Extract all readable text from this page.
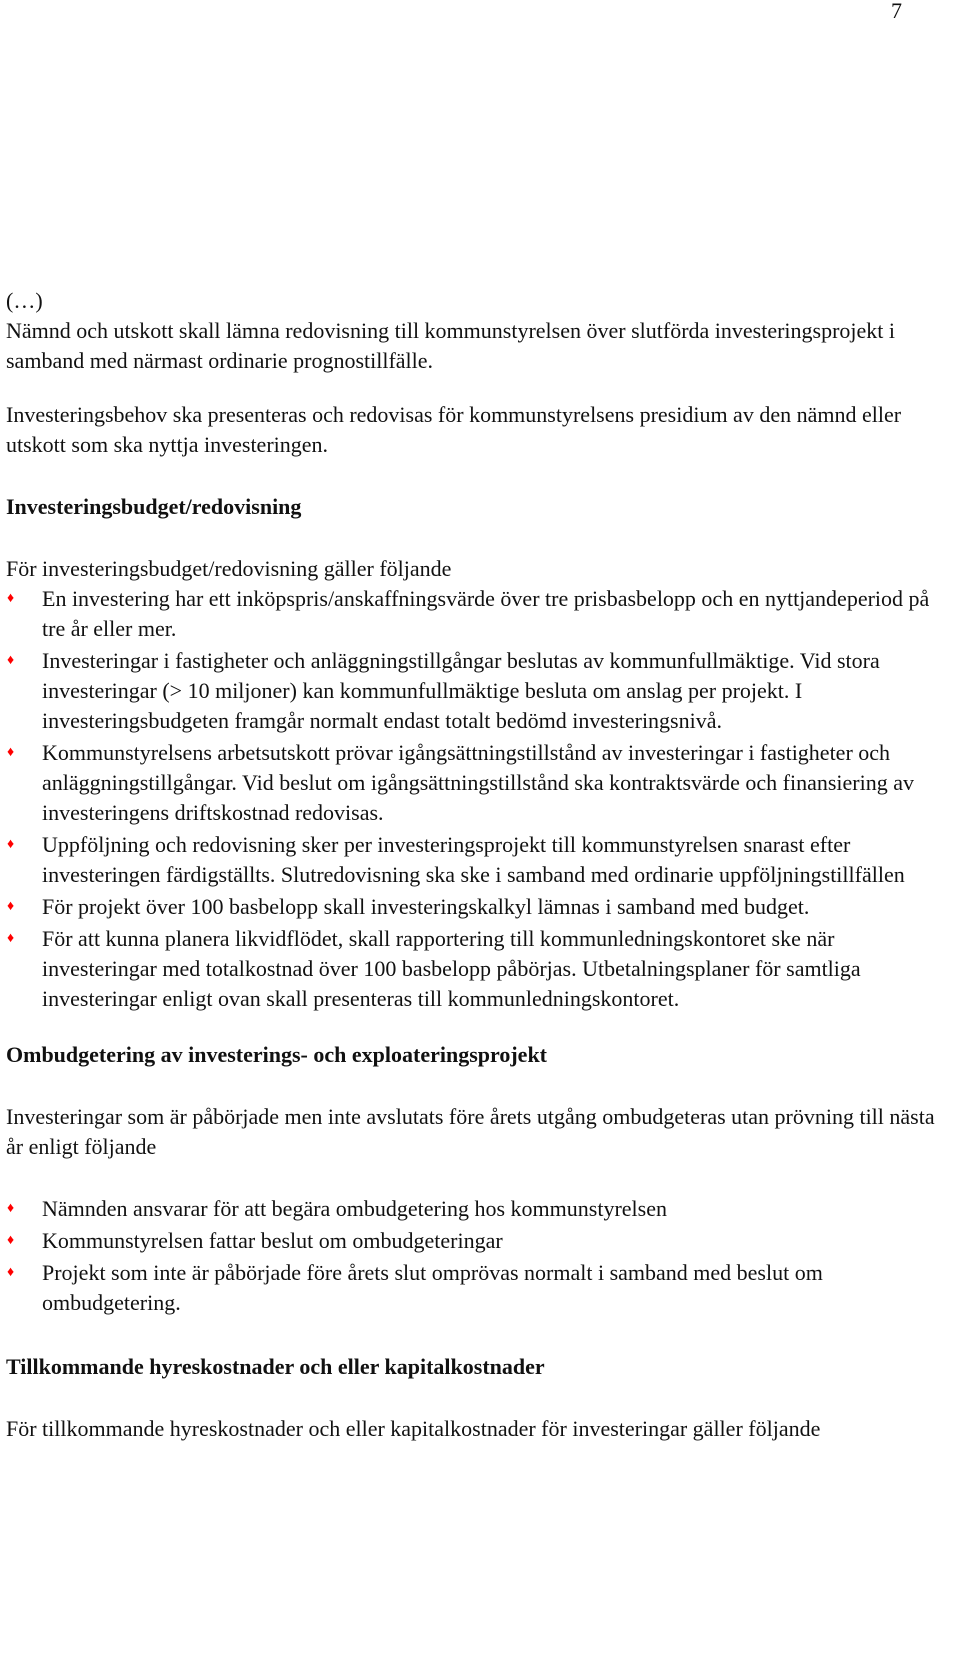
7

(…)

Nämnd och utskott skall lämna redovisning till kommunstyrelsen över slutförda investeringsprojekt i samband med närmast ordinarie prognostillfälle.

Investeringsbehov ska presenteras och redovisas för kommunstyrelsens presidium av den nämnd eller utskott som ska nyttja investeringen.

Investeringsbudget/redovisning

För investeringsbudget/redovisning gäller följande

♦ En investering har ett inköpspris/anskaffningsvärde över tre prisbasbelopp och en nyttjandeperiod på tre år eller mer.
♦ Investeringar i fastigheter och anläggningstillgångar beslutas av kommunfullmäktige. Vid stora investeringar (> 10 miljoner) kan kommunfullmäktige besluta om anslag per projekt. I investeringsbudgeten framgår normalt endast totalt bedömd investeringsnivå.
♦ Kommunstyrelsens arbetsutskott prövar igångsättningstillstånd av investeringar i fastigheter och anläggningstillgångar. Vid beslut om igångsättningstillstånd ska kontraktsvärde och finansiering av investeringens driftskostnad redovisas.
♦ Uppföljning och redovisning sker per investeringsprojekt till kommunstyrelsen snarast efter investeringen färdigställts. Slutredovisning ska ske i samband med ordinarie uppföljningstillfällen
♦ För projekt över 100 basbelopp skall investeringskalkyl lämnas i samband med budget.
♦ För att kunna planera likvidflödet, skall rapportering till kommunledningskontoret ske när investeringar med totalkostnad över 100 basbelopp påbörjas. Utbetalningsplaner för samtliga investeringar enligt ovan skall presenteras till kommunledningskontoret.
Ombudgetering av investerings- och exploateringsprojekt

Investeringar som är påbörjade men inte avslutats före årets utgång ombudgeteras utan prövning till nästa år enligt följande

♦ Nämnden ansvarar för att begära ombudgetering hos kommunstyrelsen
♦ Kommunstyrelsen fattar beslut om ombudgeteringar
♦ Projekt som inte är påbörjade före årets slut omprövas normalt i samband med beslut om ombudgetering.
Tillkommande hyreskostnader och eller kapitalkostnader

För tillkommande hyreskostnader och eller kapitalkostnader för investeringar gäller följande
